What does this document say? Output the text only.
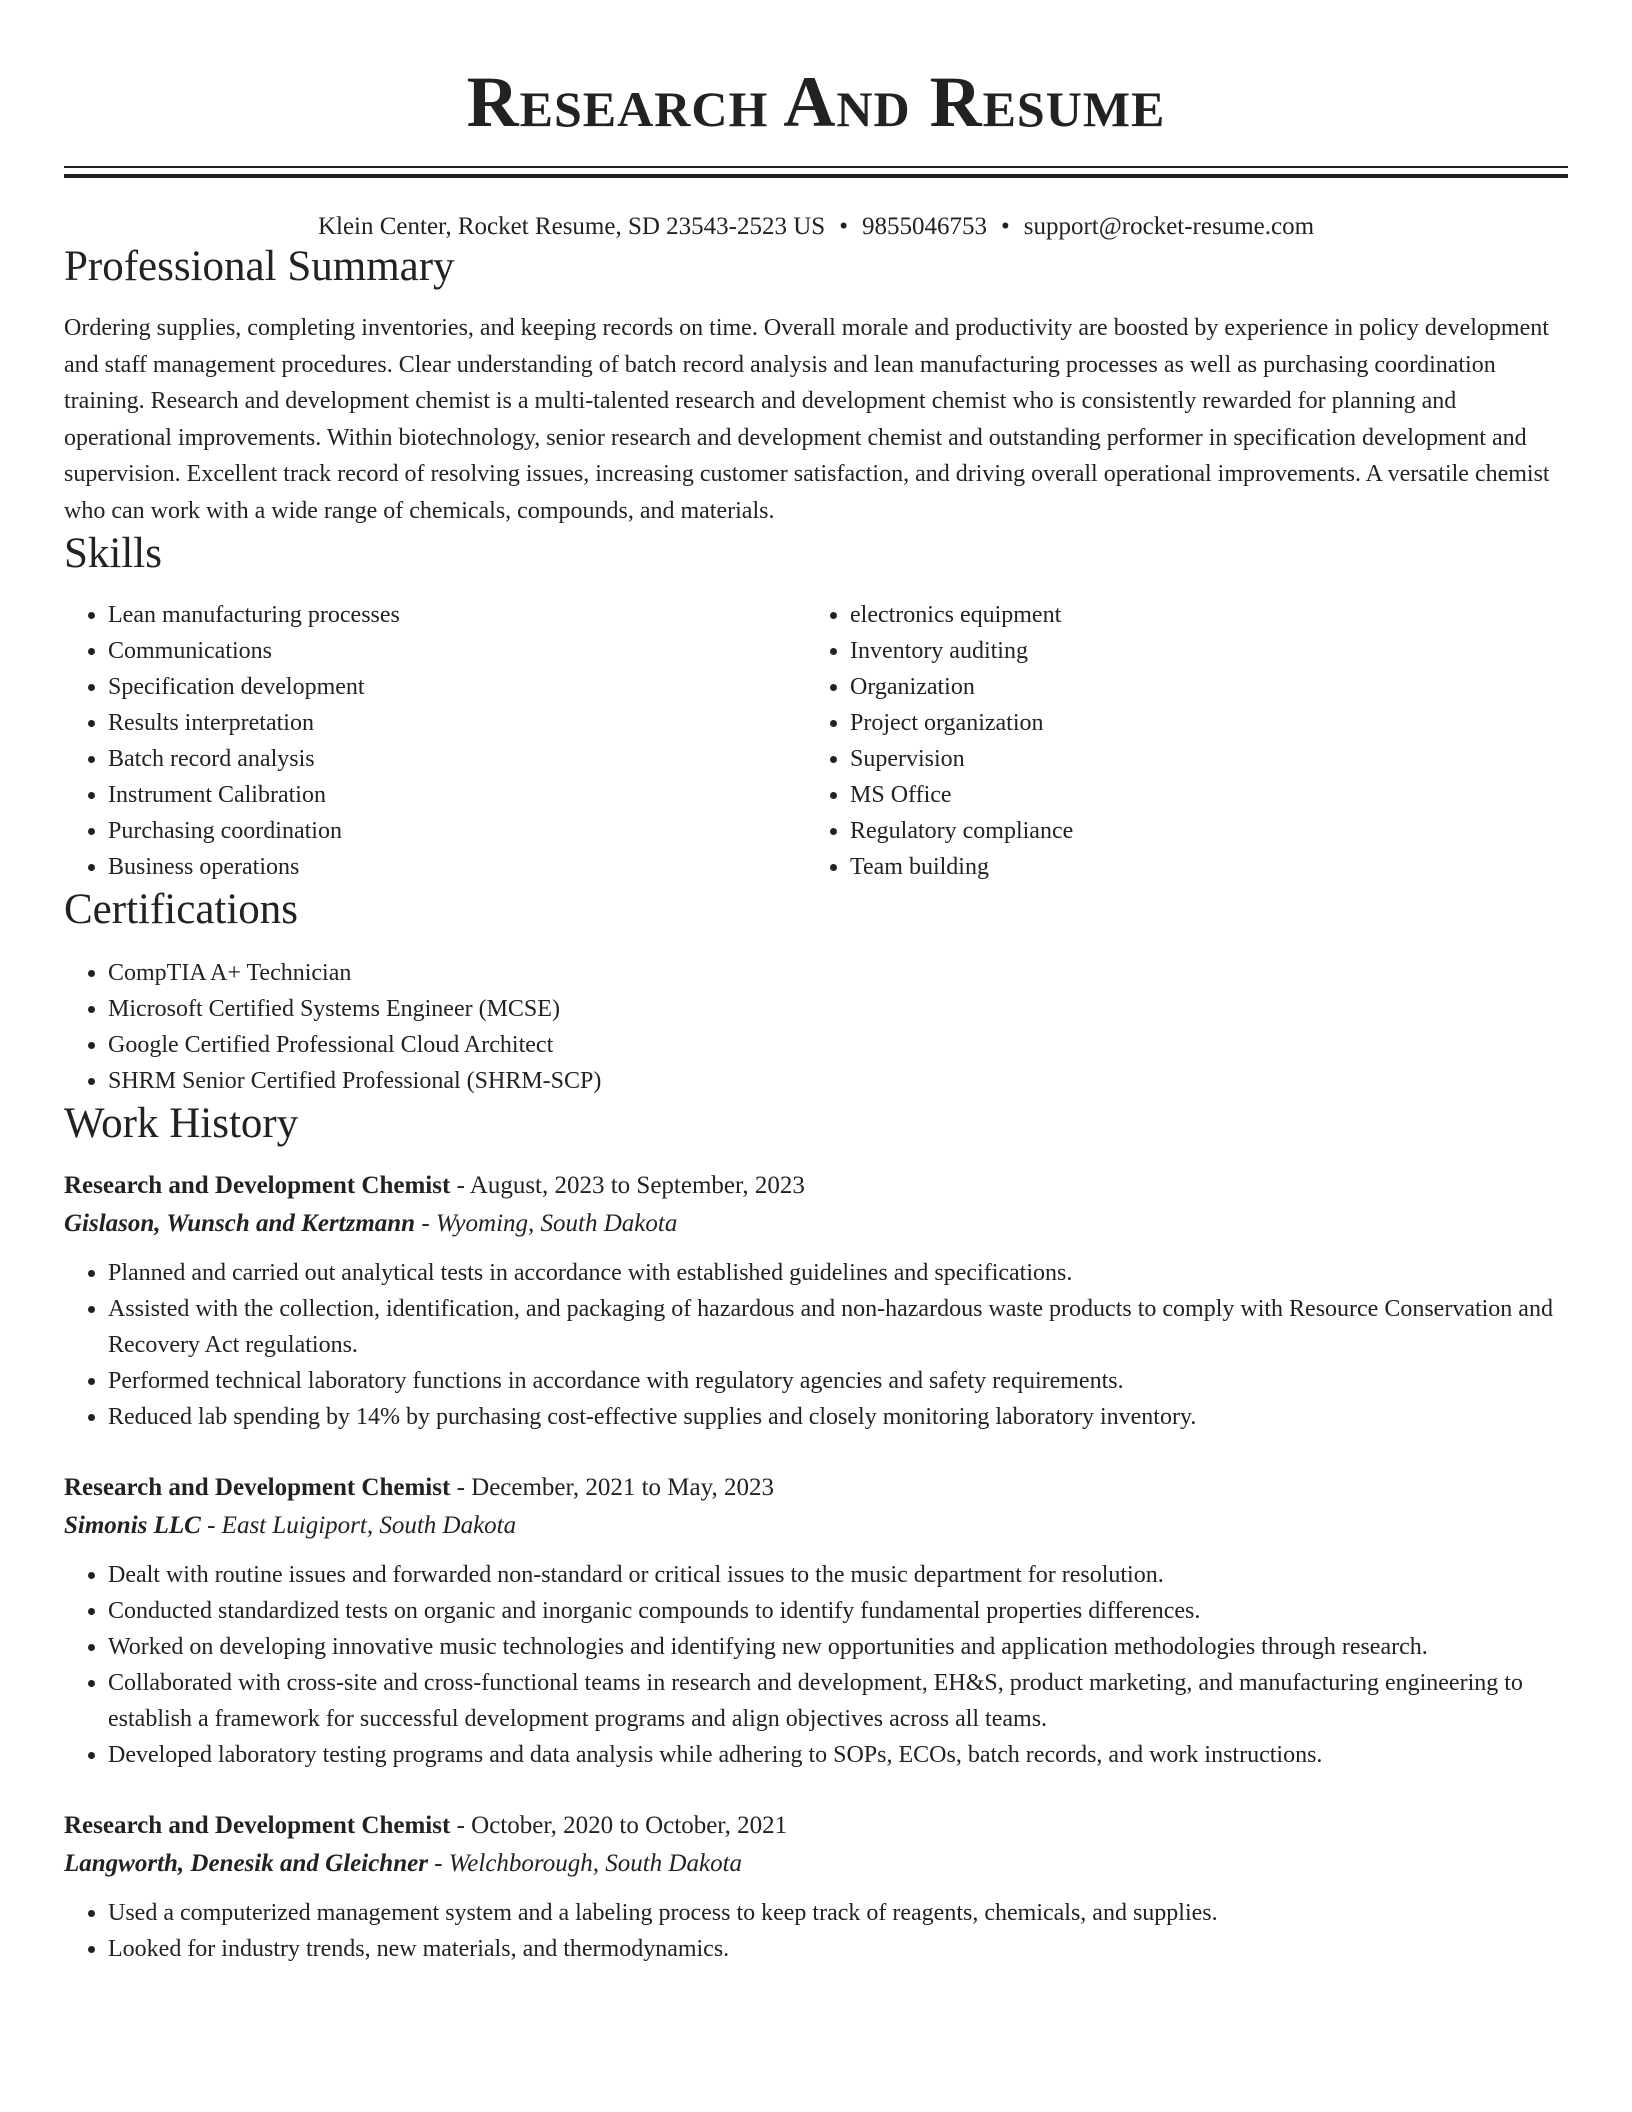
Research And Resume
Klein Center, Rocket Resume, SD 23543-2523 US • 9855046753 • support@rocket-resume.com
Professional Summary

Ordering supplies, completing inventories, and keeping records on time. Overall morale and productivity are boosted by experience in policy development and staff management procedures. Clear understanding of batch record analysis and lean manufacturing processes as well as purchasing coordination training. Research and development chemist is a multi-talented research and development chemist who is consistently rewarded for planning and operational improvements. Within biotechnology, senior research and development chemist and outstanding performer in specification development and supervision. Excellent track record of resolving issues, increasing customer satisfaction, and driving overall operational improvements. A versatile chemist who can work with a wide range of chemicals, compounds, and materials.

Skills
• Lean manufacturing processes
• Communications
• Specification development
• Results interpretation
• Batch record analysis
• Instrument Calibration
• Purchasing coordination
• Business operations
• electronics equipment
• Inventory auditing
• Organization
• Project organization
• Supervision
• MS Office
• Regulatory compliance
• Team building
Certifications
• CompTIA A+ Technician
• Microsoft Certified Systems Engineer (MCSE)
• Google Certified Professional Cloud Architect
• SHRM Senior Certified Professional (SHRM-SCP)
Work History
Research and Development Chemist - August, 2023 to September, 2023
Gislason, Wunsch and Kertzmann - Wyoming, South Dakota
• Planned and carried out analytical tests in accordance with established guidelines and specifications.
• Assisted with the collection, identification, and packaging of hazardous and non-hazardous waste products to comply with Resource Conservation and Recovery Act regulations.
• Performed technical laboratory functions in accordance with regulatory agencies and safety requirements.
• Reduced lab spending by 14% by purchasing cost-effective supplies and closely monitoring laboratory inventory.
Research and Development Chemist - December, 2021 to May, 2023
Simonis LLC - East Luigiport, South Dakota
• Dealt with routine issues and forwarded non-standard or critical issues to the music department for resolution.
• Conducted standardized tests on organic and inorganic compounds to identify fundamental properties differences.
• Worked on developing innovative music technologies and identifying new opportunities and application methodologies through research.
• Collaborated with cross-site and cross-functional teams in research and development, EH&S, product marketing, and manufacturing engineering to establish a framework for successful development programs and align objectives across all teams.
• Developed laboratory testing programs and data analysis while adhering to SOPs, ECOs, batch records, and work instructions.
Research and Development Chemist - October, 2020 to October, 2021
Langworth, Denesik and Gleichner - Welchborough, South Dakota
• Used a computerized management system and a labeling process to keep track of reagents, chemicals, and supplies.
• Looked for industry trends, new materials, and thermodynamics.
